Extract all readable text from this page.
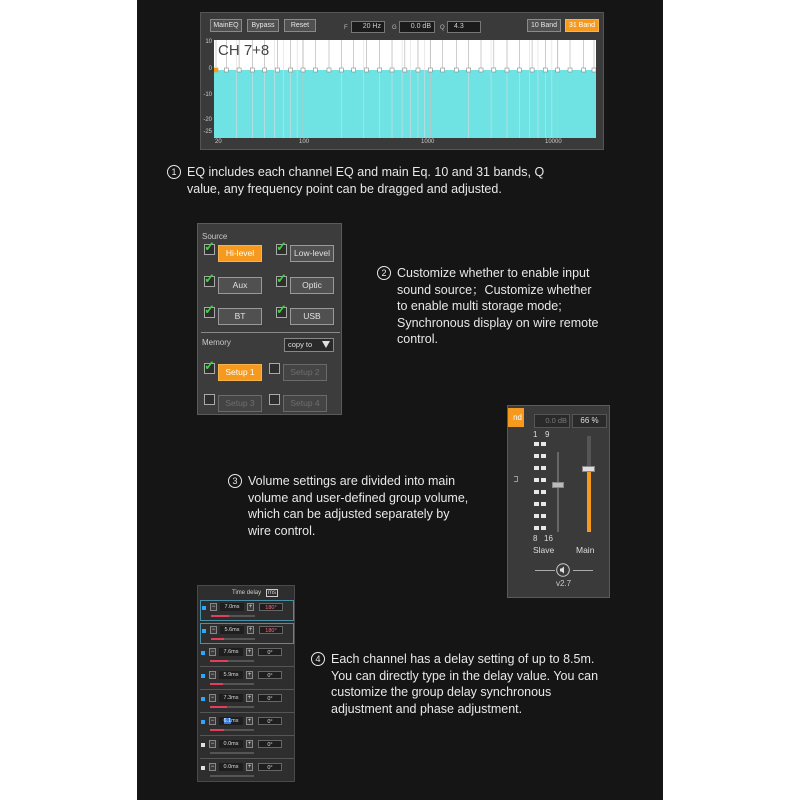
MainEQ	Bypass	Reset	F	20 Hz	G	0.0 dB	Q	4.3	10 Band	31 Band
10
0
-10
-20
-25
CH 7+8
20	100	1000	10000
1 EQ includes each channel EQ and main Eq. 10 and 31 bands, Q
value, any frequency point can be dragged and adjusted.
Source
✓	Hi-level	✓ Low-level
✓	Aux	✓	Optic
✓	BT	✓	USB
Memory	copy to
✓	Setup 1	Setup 2
Setup 3	Setup 4
2 Customize whether to enable input
sound source；Customize whether
to enable multi storage mode;
Synchronous display on wire remote
control.
nd	0.0 dB	66 %
1 9
8 16
Slave	Main
v2.7
3 Volume settings are divided into main
volume and user-defined group volume,
which can be adjusted separately by
wire control.
Time delay	ms
−	7.0ms	+	180°
−	5.6ms	+	180°
−	7.6ms	+	0°
−	5.9ms	+	0°
−	7.3ms	+	0°
−	6.1ms	+	0°
−	0.0ms	+	0°
−	0.0ms	+	0°
4 Each channel has a delay setting of up to 8.5m.
You can directly type in the delay value. You can
customize the group delay synchronous
adjustment and phase adjustment.
